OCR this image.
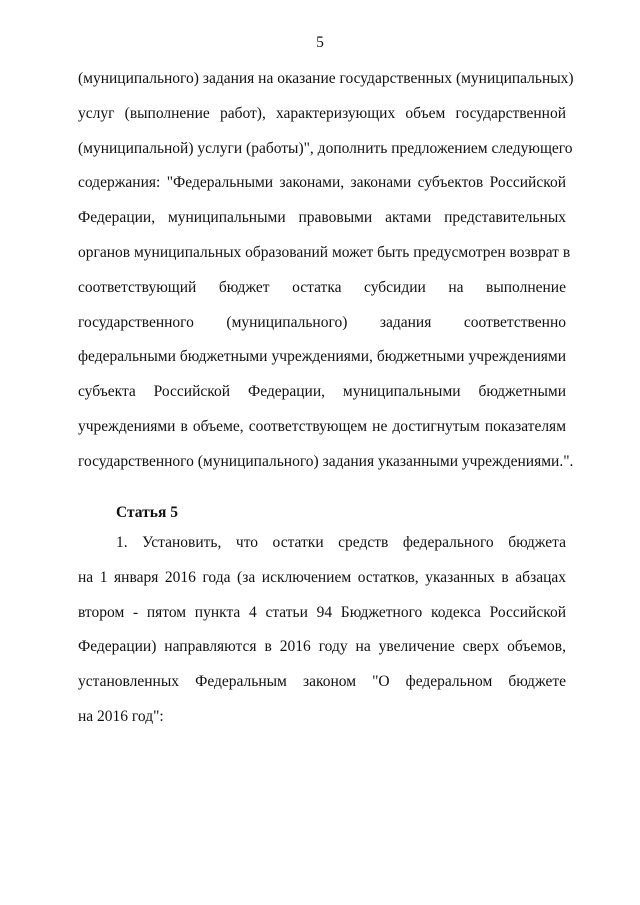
5
(муниципального) задания на оказание государственных (муниципальных)
услуг (выполнение работ), характеризующих объем государственной
(муниципальной) услуги (работы)", дополнить предложением следующего
содержания: "Федеральными законами, законами субъектов Российской
Федерации, муниципальными правовыми актами представительных
органов муниципальных образований может быть предусмотрен возврат в
соответствующий бюджет остатка субсидии на выполнение
государственного (муниципального) задания соответственно
федеральными бюджетными учреждениями, бюджетными учреждениями
субъекта Российской Федерации, муниципальными бюджетными
учреждениями в объеме, соответствующем не достигнутым показателям
государственного (муниципального) задания указанными учреждениями.".
Статья 5
1. Установить, что остатки средств федерального бюджета
на 1 января 2016 года (за исключением остатков, указанных в абзацах
втором - пятом пункта 4 статьи 94 Бюджетного кодекса Российской
Федерации) направляются в 2016 году на увеличение сверх объемов,
установленных Федеральным законом "О федеральном бюджете
на 2016 год":
